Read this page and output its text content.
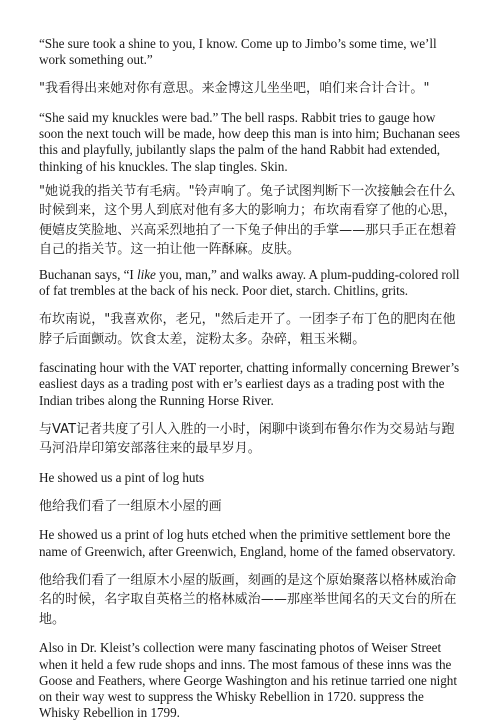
“She sure took a shine to you, I know. Come up to Jimbo’s some time, we’ll work something out.”

"我看得出来她对你有意思。来金博这儿坐坐吧，咱们来合计合计。"

“She said my knuckles were bad.” The bell rasps. Rabbit tries to gauge how soon the next touch will be made, how deep this man is into him; Buchanan sees this and playfully, jubilantly slaps the palm of the hand Rabbit had extended, thinking of his knuckles. The slap tingles. Skin.

"她说我的指关节有毛病。"铃声响了。兔子试图判断下一次接触会在什么时候到来，这个男人到底对他有多大的影响力；布坎南看穿了他的心思，便嬉皮笑脸地、兴高采烈地拍了一下兔子伸出的手掌——那只手正在想着自己的指关节。这一拍让他一阵酥麻。皮肤。

Buchanan says, “I like you, man,” and walks away. A plum-pudding-colored roll of fat trembles at the back of his neck. Poor diet, starch. Chitlins, grits.

布坎南说，"我喜欢你，老兄，"然后走开了。一团李子布丁色的肥肉在他脖子后面颤动。饮食太差，淀粉太多。杂碎，粗玉米糊。

fascinating hour with the VAT reporter, chatting informally concerning Brewer’s easliest days as a trading post with er’s earliest days as a trading post with the Indian tribes along the Running Horse River.

与VAT记者共度了引人入胜的一小时，闲聊中谈到布鲁尔作为交易站与跑马河沿岸印第安部落往来的最早岁月。

He showed us a pint of log huts

他给我们看了一组原木小屋的画

He showed us a print of log huts etched when the primitive settlement bore the name of Greenwich, after Greenwich, England, home of the famed observatory.

他给我们看了一组原木小屋的版画，刻画的是这个原始聚落以格林威治命名的时候，名字取自英格兰的格林威治——那座举世闻名的天文台的所在地。

Also in Dr. Kleist’s collection were many fascinating photos of Weiser Street when it held a few rude shops and inns. The most famous of these inns was the Goose and Feathers, where George Washington and his retinue tarried one night on their way west to suppress the Whisky Rebellion in 1720. suppress the Whisky Rebellion in 1799.
